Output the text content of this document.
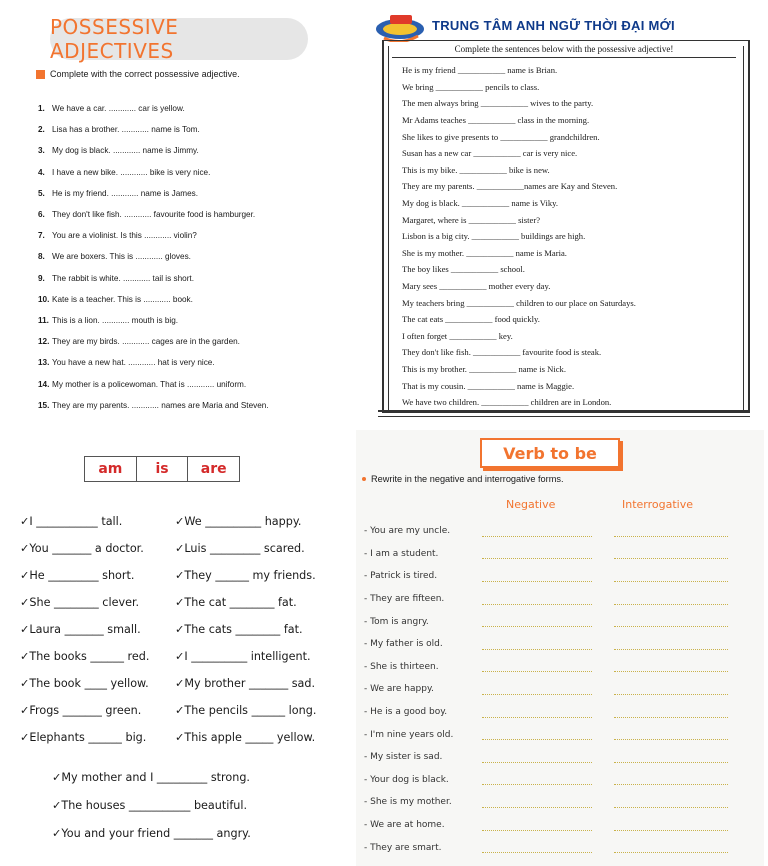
POSSESSIVE ADJECTIVES
Complete with the correct possessive adjective.
1. We have a car. ............ car is yellow.
2. Lisa has a brother. ............ name is Tom.
3. My dog is black. ............ name is Jimmy.
4. I have a new bike. ............ bike is very nice.
5. He is my friend. ............ name is James.
6. They don't like fish. ............ favourite food is hamburger.
7. You are a violinist. Is this ............ violin?
8. We are boxers. This is ............ gloves.
9. The rabbit is white. ............ tail is short.
10. Kate is a teacher. This is ............ book.
11. This is a lion. ............ mouth is big.
12. They are my birds. ............ cages are in the garden.
13. You have a new hat. ............ hat is very nice.
14. My mother is a policewoman. That is ............ uniform.
15. They are my parents. ............ names are Maria and Steven.
TRUNG TÂM ANH NGỮ THỜI ĐẠI MỚI
Complete the sentences below with the possessive adjective!
He is my friend ___________ name is Brian.
We bring ___________ pencils to class.
The men always bring ___________ wives to the party.
Mr Adams teaches ___________ class in the morning.
She likes to give presents to ___________ grandchildren.
Susan has a new car ___________ car is very nice.
This is my bike. ___________ bike is new.
They are my parents. ___________names are Kay and Steven.
My dog is black. ___________ name is Viky.
Margaret, where is ___________ sister?
Lisbon is a big city. ___________ buildings are high.
She is my mother. ___________ name is Maria.
The boy likes ___________ school.
Mary sees ___________ mother every day.
My teachers bring ___________ children to our place on Saturdays.
The cat eats ___________ food quickly.
I often forget ___________ key.
They don't like fish. ___________ favourite food is steak.
This is my brother. ___________ name is Nick.
That is my cousin. ___________ name is Maggie.
We have two children. ___________ children are in London.
am	is	are
✓I ___________ tall.	✓We __________ happy.
✓You _______ a doctor.	✓Luis _________ scared.
✓He _________ short.	✓They ______ my friends.
✓She ________ clever.	✓The cat ________ fat.
✓Laura _______ small.	✓The cats ________ fat.
✓The books ______ red.	✓I __________ intelligent.
✓The book ____ yellow.	✓My brother _______ sad.
✓Frogs _______ green.	✓The pencils ______ long.
✓Elephants ______ big.	✓This apple _____ yellow.
✓My mother and I _________ strong.
✓The houses ___________ beautiful.
✓You and your friend _______ angry.
Verb to be
Rewrite in the negative and interrogative forms.
Negative	Interrogative
- You are my uncle.
- I am a student.
- Patrick is tired.
- They are fifteen.
- Tom is angry.
- My father is old.
- She is thirteen.
- We are happy.
- He is a good boy.
- I'm nine years old.
- My sister is sad.
- Your dog is black.
- She is my mother.
- We are at home.
- They are smart.
